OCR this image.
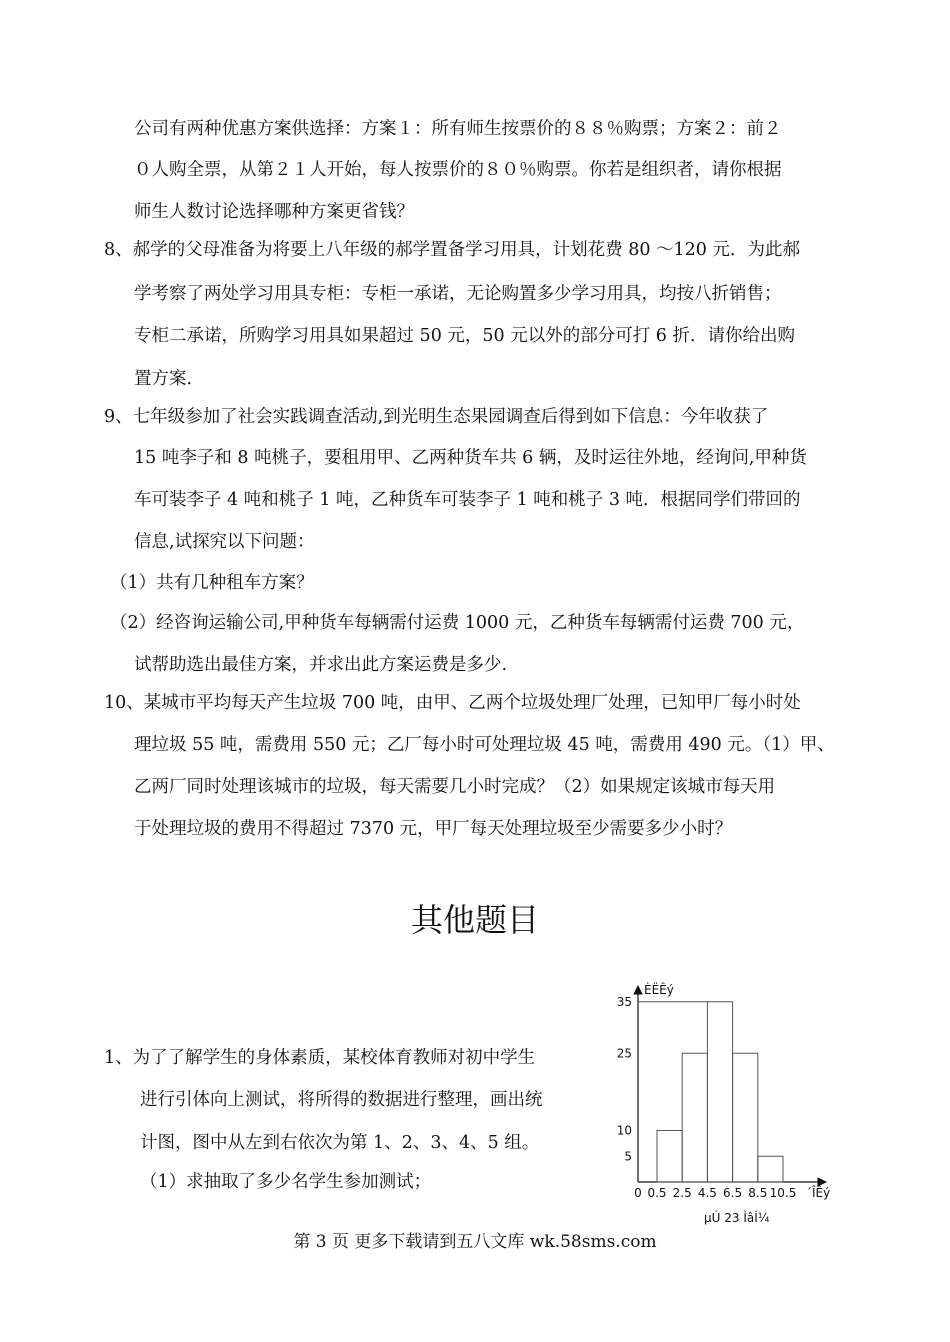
公司有两种优惠方案供选择：方案１：所有师生按票价的８８％购票；方案２：前２
０人购全票，从第２１人开始，每人按票价的８０％购票。你若是组织者，请你根据
师生人数讨论选择哪种方案更省钱？
8、郝学的父母准备为将要上八年级的郝学置备学习用具，计划花费 80 ～120 元．为此郝
学考察了两处学习用具专柜：专柜一承诺，无论购置多少学习用具，均按八折销售；
专柜二承诺，所购学习用具如果超过 50 元，50 元以外的部分可打 6 折．请你给出购
置方案．
9、七年级参加了社会实践调查活动,到光明生态果园调查后得到如下信息：今年收获了
15 吨李子和 8 吨桃子，要租用甲、乙两种货车共 6 辆，及时运往外地，经询问,甲种货
车可装李子 4 吨和桃子 1 吨，乙种货车可装李子 1 吨和桃子 3 吨．根据同学们带回的
信息,试探究以下问题：
（1）共有几种租车方案？
（2）经咨询运输公司,甲种货车每辆需付运费 1000 元，乙种货车每辆需付运费 700 元，
试帮助选出最佳方案，并求出此方案运费是多少.
10、某城市平均每天产生垃圾 700 吨，由甲、乙两个垃圾处理厂处理，已知甲厂每小时处
理垃圾 55 吨，需费用 550 元；乙厂每小时可处理垃圾 45 吨，需费用 490 元。（1）甲、
乙两厂同时处理该城市的垃圾，每天需要几小时完成？（2）如果规定该城市每天用
于处理垃圾的费用不得超过 7370 元，甲厂每天处理垃圾至少需要多少小时？
其他题目
1、为了了解学生的身体素质，某校体育教师对初中学生
进行引体向上测试，将所得的数据进行整理，画出统
计图，图中从左到右依次为第 1、2、3、4、5 组。
（1）求抽取了多少名学生参加测试；
ÈËÊý
´ÎÊý
µÚ 23 ÌâÍ¼
5
10
25
35
0 0.5 2.5 4.5 6.5 8.5 10.5
第 3 页 更多下载请到五八文库 wk.58sms.com
